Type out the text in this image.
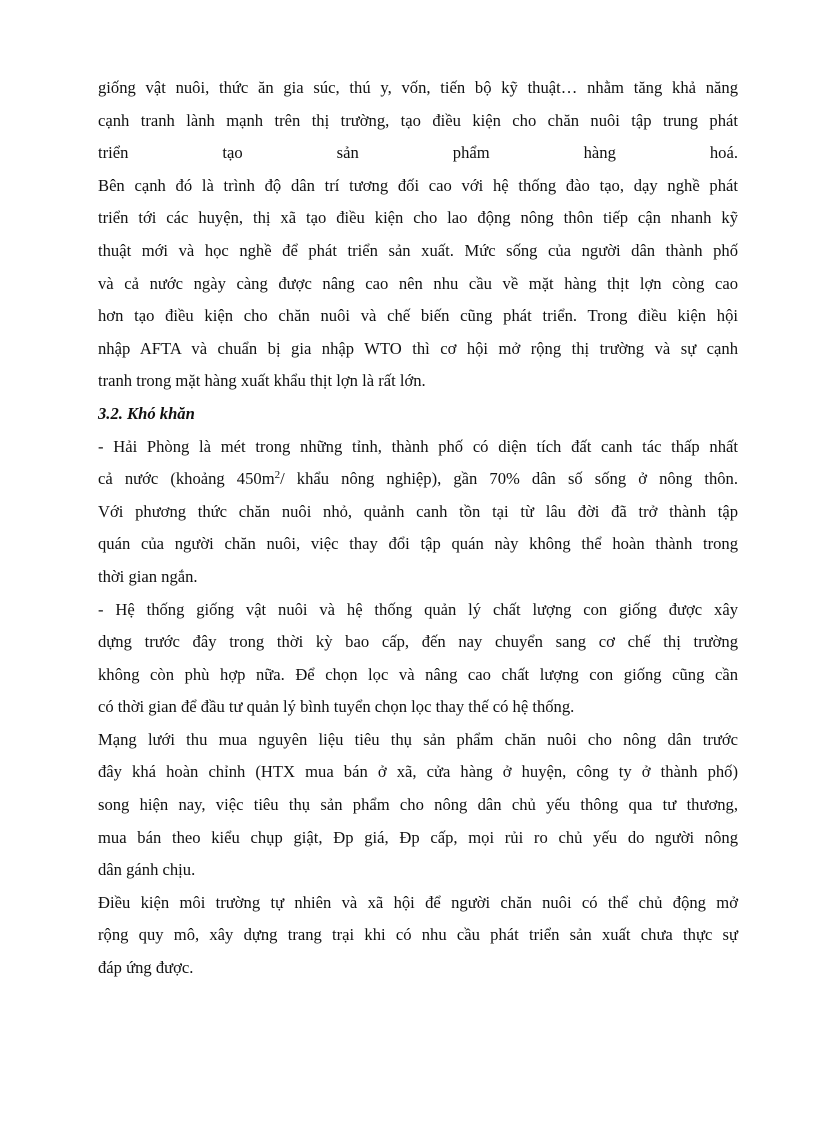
giống vật nuôi, thức ăn gia súc, thú y, vốn, tiến bộ kỹ thuật… nhằm tăng khả năng
cạnh tranh lành mạnh trên thị trường, tạo điều kiện cho chăn nuôi tập trung phát
triển tạo sản phẩm hàng hoá.
Bên cạnh đó là trình độ dân trí tương đối cao với hệ thống đào tạo, dạy nghề phát
triển tới các huyện, thị xã tạo điều kiện cho lao động nông thôn tiếp cận nhanh kỹ
thuật mới và học nghề để phát triển sản xuất. Mức sống của người dân thành phố
và cả nước ngày càng được nâng cao nên nhu cầu về mặt hàng thịt lợn còng cao
hơn tạo điều kiện cho chăn nuôi và chế biến cũng phát triển. Trong điều kiện hội
nhập AFTA và chuẩn bị gia nhập WTO thì cơ hội mở rộng thị trường và sự cạnh
tranh trong mặt hàng xuất khẩu thịt lợn là rất lớn.
3.2. Khó khăn
- Hải Phòng là mét trong những tỉnh, thành phố có diện tích đất canh tác thấp nhất
cả nước (khoảng $450m^2/$ khẩu nông nghiệp), gần 70% dân số sống ở nông thôn.
Với phương thức chăn nuôi nhỏ, quảnh canh tồn tại từ lâu đời đã trở thành tập
quán của người chăn nuôi, việc thay đổi tập quán này không thể hoàn thành trong
thời gian ngắn.
- Hệ thống giống vật nuôi và hệ thống quản lý chất lượng con giống được xây
dựng trước đây trong thời kỳ bao cấp, đến nay chuyển sang cơ chế thị trường
không còn phù hợp nữa. Để chọn lọc và nâng cao chất lượng con giống cũng cần
có thời gian để đầu tư quản lý bình tuyển chọn lọc thay thế có hệ thống.
Mạng lưới thu mua nguyên liệu tiêu thụ sản phẩm chăn nuôi cho nông dân trước
đây khá hoàn chỉnh (HTX mua bán ở xã, cửa hàng ở huyện, công ty ở thành phố)
song hiện nay, việc tiêu thụ sản phẩm cho nông dân chủ yếu thông qua tư thương,
mua bán theo kiểu chụp giật, Đp giá, Đp cấp, mọi rủi ro chủ yếu do người nông
dân gánh chịu.
Điều kiện môi trường tự nhiên và xã hội để người chăn nuôi có thể chủ động mở
rộng quy mô, xây dựng trang trại khi có nhu cầu phát triển sản xuất chưa thực sự
đáp ứng được.
